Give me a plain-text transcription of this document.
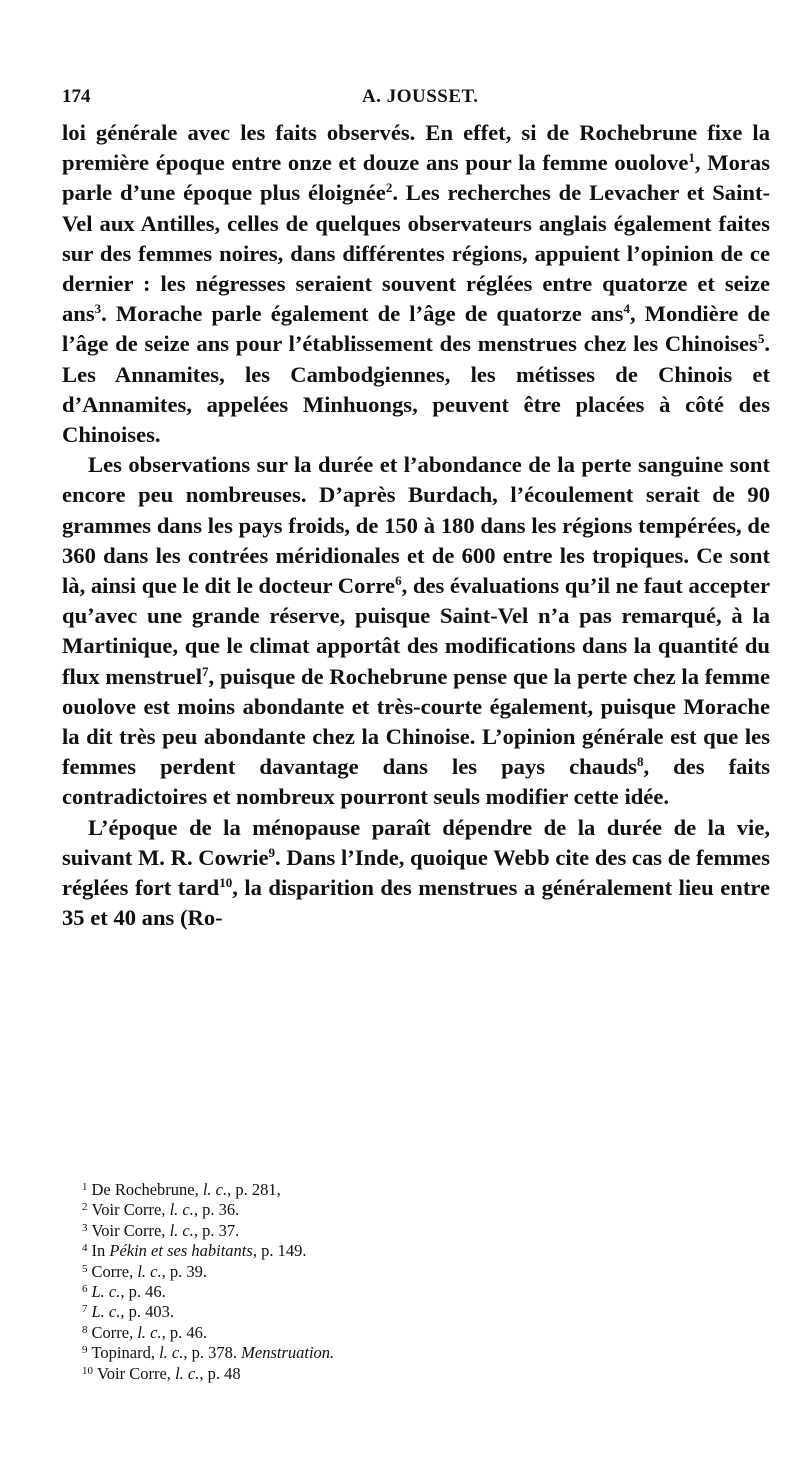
174	A. JOUSSET.

loi générale avec les faits observés. En effet, si de Rochebrune fixe la première époque entre onze et douze ans pour la femme ouolove$^1$, Moras parle d’une époque plus éloignée$^2$. Les recherches de Levacher et Saint-Vel aux Antilles, celles de quelques observateurs anglais également faites sur des femmes noires, dans différentes régions, appuient l’opinion de ce dernier : les négresses seraient souvent réglées entre quatorze et seize ans$^3$. Morache parle également de l’âge de quatorze ans$^4$, Mondière de l’âge de seize ans pour l’établissement des menstrues chez les Chinoises$^5$. Les Annamites, les Cambodgiennes, les métisses de Chinois et d’Annamites, appelées Minhuongs, peuvent être placées à côté des Chinoises.

Les observations sur la durée et l’abondance de la perte sanguine sont encore peu nombreuses. D’après Burdach, l’écoulement serait de 90 grammes dans les pays froids, de 150 à 180 dans les régions tempérées, de 360 dans les contrées méridionales et de 600 entre les tropiques. Ce sont là, ainsi que le dit le docteur Corre$^6$, des évaluations qu’il ne faut accepter qu’avec une grande réserve, puisque Saint-Vel n’a pas remarqué, à la Martinique, que le climat apportât des modifications dans la quantité du flux menstruel$^7$, puisque de Rochebrune pense que la perte chez la femme ouolove est moins abondante et très-courte également, puisque Morache la dit très peu abondante chez la Chinoise. L’opinion générale est que les femmes perdent davantage dans les pays chauds$^8$, des faits contradictoires et nombreux pourront seuls modifier cette idée.

L’époque de la ménopause paraît dépendre de la durée de la vie, suivant M. R. Cowrie$^9$. Dans l’Inde, quoique Webb cite des cas de femmes réglées fort tard$^{10}$, la disparition des menstrues a généralement lieu entre 35 et 40 ans (Ro-

$^1$ De Rochebrune, l. c., p. 281,
$^2$ Voir Corre, l. c., p. 36.
$^3$ Voir Corre, l. c., p. 37.
$^4$ In Pékin et ses habitants, p. 149.
$^5$ Corre, l. c., p. 39.
$^6$ L. c., p. 46.
$^7$ L. c., p. 403.
$^8$ Corre, l. c., p. 46.
$^9$ Topinard, l. c., p. 378. Menstruation.
$^{10}$ Voir Corre, l. c., p. 48
